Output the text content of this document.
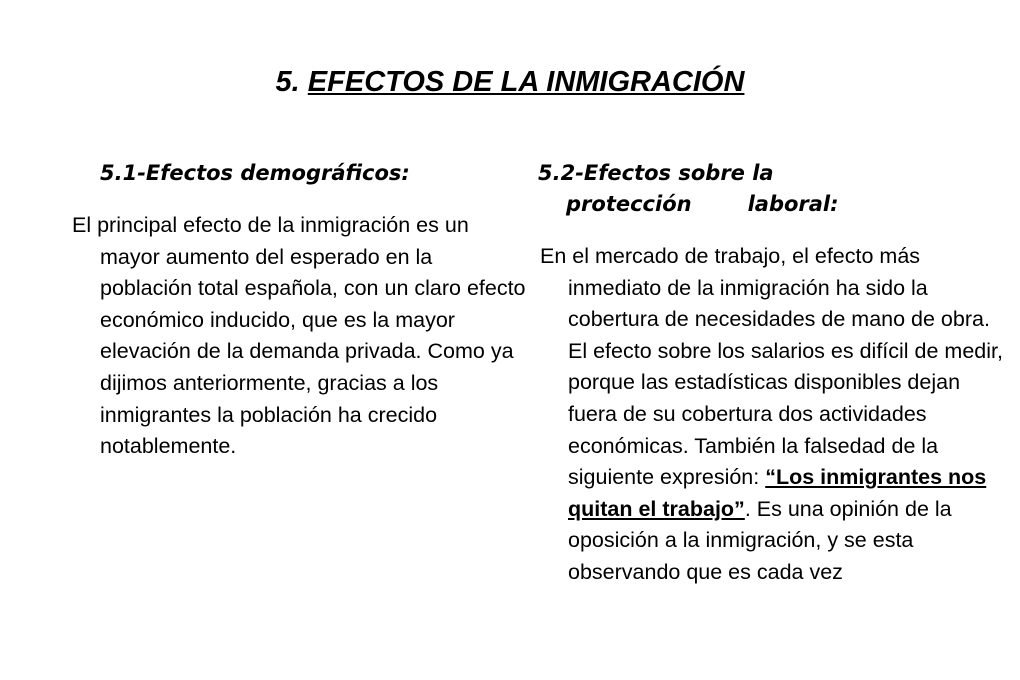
5. EFECTOS DE LA INMIGRACIÓN
5.1-Efectos demográficos:

El principal efecto de la inmigración es un mayor aumento del esperado en la población total española, con un claro efecto económico inducido, que es la mayor elevación de la demanda privada. Como ya dijimos anteriormente, gracias a los inmigrantes la población ha crecido notablemente.

5.2-Efectos sobre la
protección	laboral:

En el mercado de trabajo, el efecto más inmediato de la inmigración ha sido la cobertura de necesidades de mano de obra. El efecto sobre los salarios es difícil de medir, porque las estadísticas disponibles dejan fuera de su cobertura dos actividades económicas. También la falsedad de la siguiente expresión: “Los inmigrantes nos quitan el trabajo”. Es una opinión de la oposición a la inmigración, y se esta observando que es cada vez
